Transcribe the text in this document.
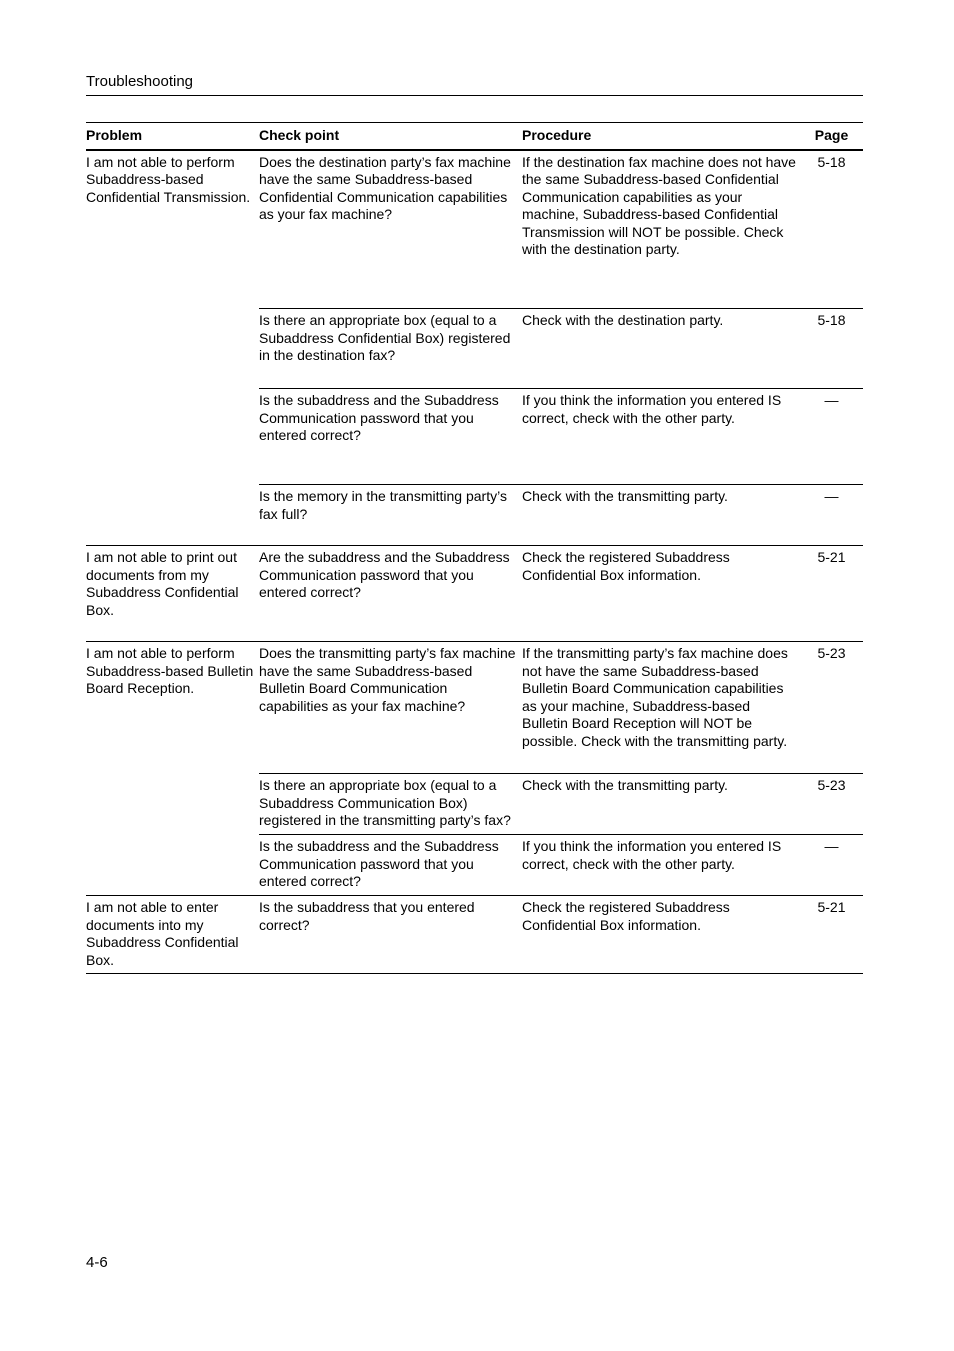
Troubleshooting
Problem	Check point	Procedure	Page
I am not able to perform Subaddress-based Confidential Transmission.	Does the destination party’s fax machine have the same Subaddress-based Confidential Communication capabilities as your fax machine?	If the destination fax machine does not have the same Subaddress-based Confidential Communication capabilities as your machine, Subaddress-based Confidential Transmission will NOT be possible. Check with the destination party.	5-18
	Is there an appropriate box (equal to a Subaddress Confidential Box) registered in the destination fax?	Check with the destination party.	5-18
	Is the subaddress and the Subaddress Communication password that you entered correct?	If you think the information you entered IS correct, check with the other party.	—
	Is the memory in the transmitting party’s fax full?	Check with the transmitting party.	—
I am not able to print out documents from my Subaddress Confidential Box.	Are the subaddress and the Subaddress Communication password that you entered correct?	Check the registered Subaddress Confidential Box information.	5-21
I am not able to perform Subaddress-based Bulletin Board Reception.	Does the transmitting party’s fax machine have the same Subaddress-based Bulletin Board Communication capabilities as your fax machine?	If the transmitting party’s fax machine does not have the same Subaddress-based Bulletin Board Communication capabilities as your machine, Subaddress-based Bulletin Board Reception will NOT be possible. Check with the transmitting party.	5-23
	Is there an appropriate box (equal to a Subaddress Communication Box) registered in the transmitting party’s fax?	Check with the transmitting party.	5-23
	Is the subaddress and the Subaddress Communication password that you entered correct?	If you think the information you entered IS correct, check with the other party.	—
I am not able to enter documents into my Subaddress Confidential Box.	Is the subaddress that you entered correct?	Check the registered Subaddress Confidential Box information.	5-21
4-6
